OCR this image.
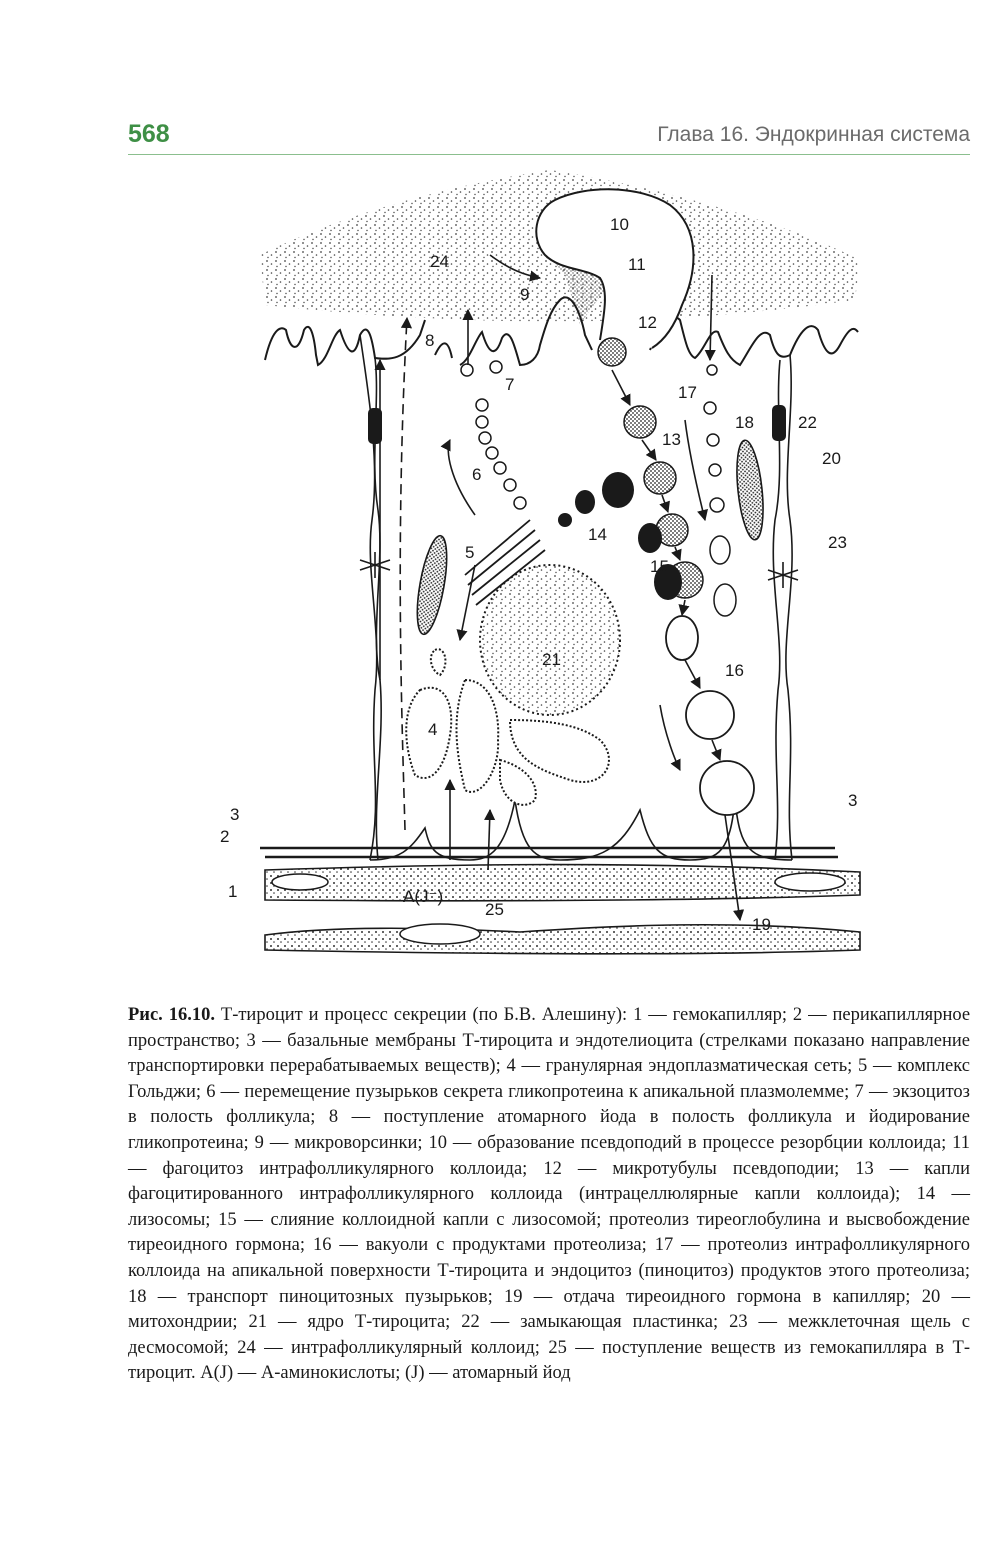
568	Глава 16. Эндокринная система
1
2
3
3
4
5
6
7
8
9
10
11
12
13
14
15
16
17
18
19
20
21
22
23
24
25
A(J⁻)
Рис. 16.10. Т-тироцит и процесс секреции (по Б.В. Алешину): 1 — гемокапилляр; 2 — перикапиллярное пространство; 3 — базальные мембраны Т-тироцита и эндотелиоцита (стрелками показано направление транспортировки перерабатываемых веществ); 4 — гранулярная эндоплазматическая сеть; 5 — комплекс Гольджи; 6 — перемещение пузырьков секрета гликопротеина к апикальной плазмолемме; 7 — экзоцитоз в полость фолликула; 8 — поступление атомарного йода в полость фолликула и йодирование гликопротеина; 9 — микроворсинки; 10 — образование псевдоподий в процессе резорбции коллоида; 11 — фагоцитоз интрафолликулярного коллоида; 12 — микротубулы псевдоподии; 13 — капли фагоцитированного интрафолликулярного коллоида (интрацеллюлярные капли коллоида); 14 — лизосомы; 15 — слияние коллоидной капли с лизосомой; протеолиз тиреоглобулина и высвобождение тиреоидного гормона; 16 — вакуоли с продуктами протеолиза; 17 — протеолиз интрафолликулярного коллоида на апикальной поверхности Т-тироцита и эндоцитоз (пиноцитоз) продуктов этого протеолиза; 18 — транспорт пиноцитозных пузырьков; 19 — отдача тиреоидного гормона в капилляр; 20 — митохондрии; 21 — ядро Т-тироцита; 22 — замыкающая пластинка; 23 — межклеточная щель с десмосомой; 24 — интрафолликулярный коллоид; 25 — поступление веществ из гемокапилляра в Т-тироцит. А(J) — А-аминокислоты; (J) — атомарный йод
